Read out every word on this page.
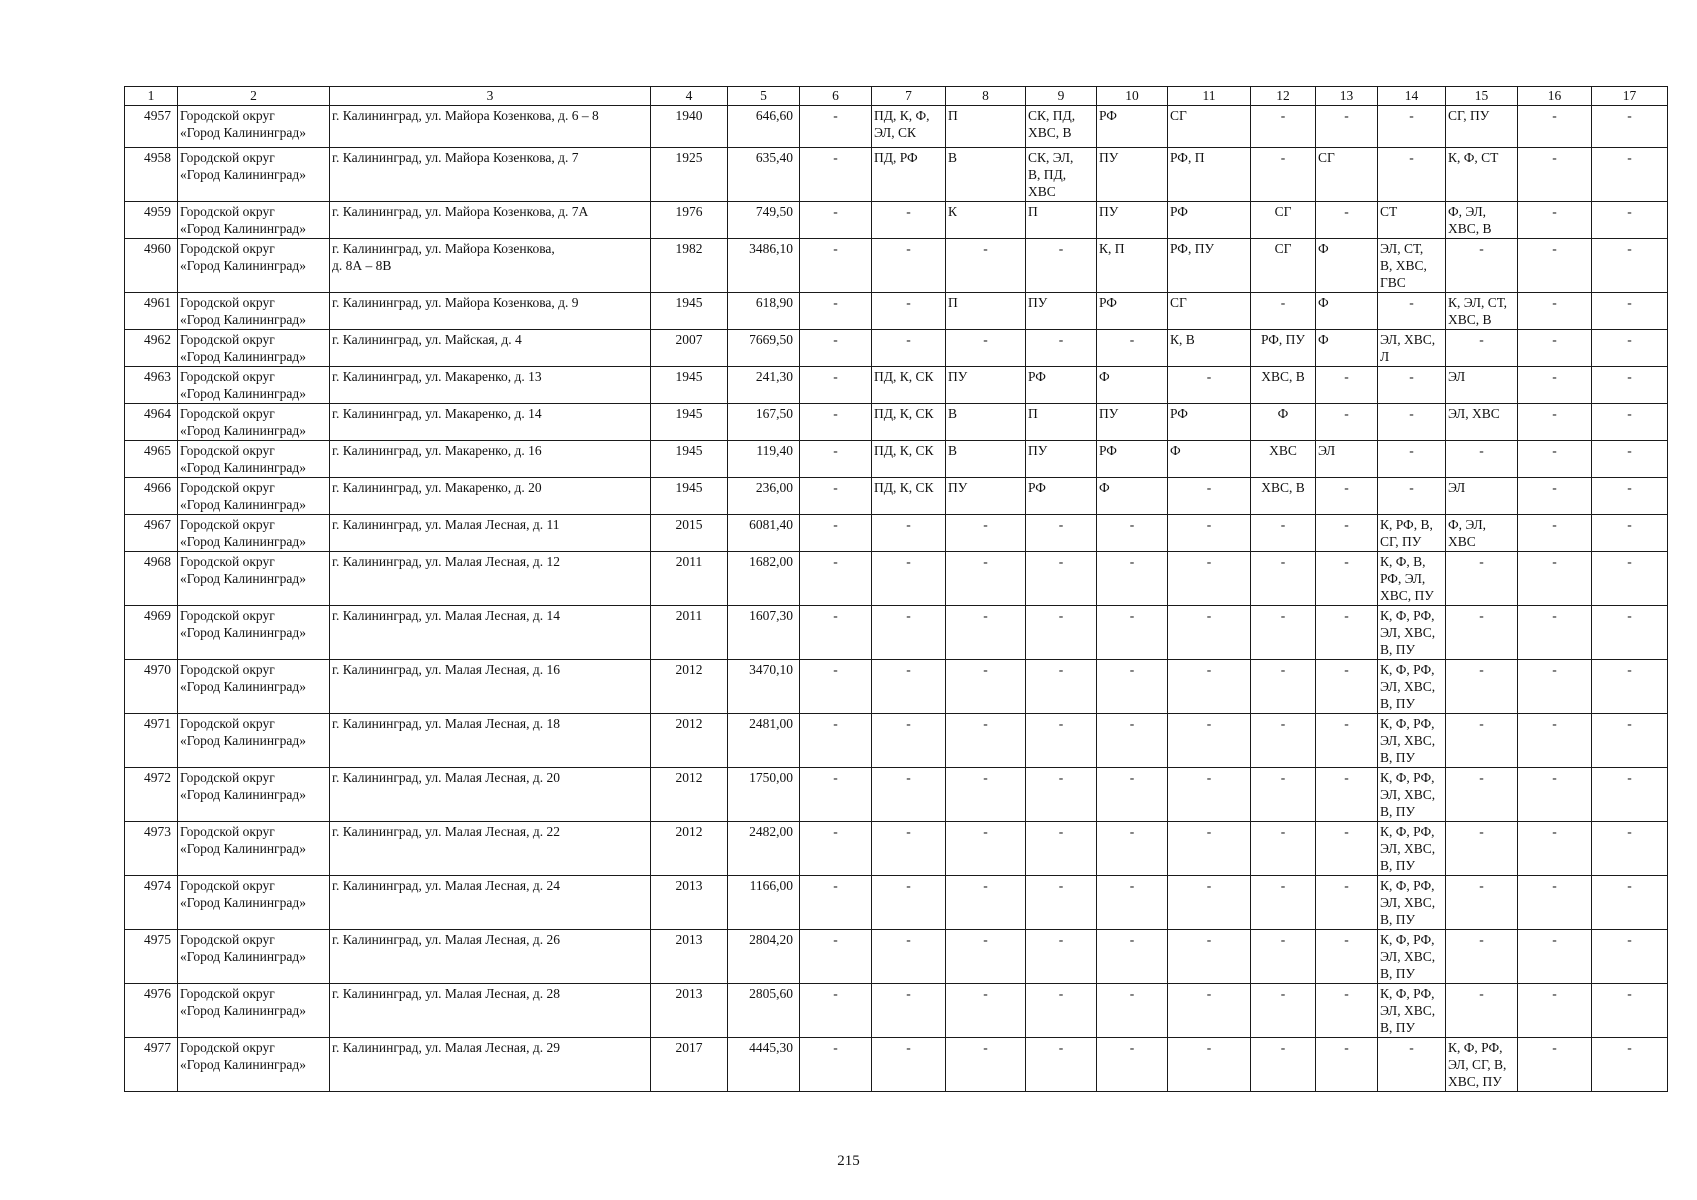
1	2	3	4	5	6	7	8	9	10	11	12	13	14	15	16	17
4957	Городской округ
«Город Калининград»	г. Калининград, ул. Майора Козенкова, д. 6 – 8	1940	646,60	-	ПД, К, Ф,
ЭЛ, СК	П	СК, ПД,
ХВС, В	РФ	СГ	-	-	-	СГ, ПУ	-	-
4958	Городской округ
«Город Калининград»	г. Калининград, ул. Майора Козенкова, д. 7	1925	635,40	-	ПД, РФ	В	СК, ЭЛ,
В, ПД,
ХВС	ПУ	РФ, П	-	СГ	-	К, Ф, СТ	-	-
4959	Городской округ
«Город Калининград»	г. Калининград, ул. Майора Козенкова, д. 7А	1976	749,50	-	-	К	П	ПУ	РФ	СГ	-	СТ	Ф, ЭЛ,
ХВС, В	-	-
4960	Городской округ
«Город Калининград»	г. Калининград, ул. Майора Козенкова,
д. 8А – 8В	1982	3486,10	-	-	-	-	К, П	РФ, ПУ	СГ	Ф	ЭЛ, СТ,
В, ХВС,
ГВС	-	-	-
4961	Городской округ
«Город Калининград»	г. Калининград, ул. Майора Козенкова, д. 9	1945	618,90	-	-	П	ПУ	РФ	СГ	-	Ф	-	К, ЭЛ, СТ,
ХВС, В	-	-
4962	Городской округ
«Город Калининград»	г. Калининград, ул. Майская, д. 4	2007	7669,50	-	-	-	-	-	К, В	РФ, ПУ	Ф	ЭЛ, ХВС,
Л	-	-	-
4963	Городской округ
«Город Калининград»	г. Калининград, ул. Макаренко, д. 13	1945	241,30	-	ПД, К, СК	ПУ	РФ	Ф	-	ХВС, В	-	-	ЭЛ	-	-
4964	Городской округ
«Город Калининград»	г. Калининград, ул. Макаренко, д. 14	1945	167,50	-	ПД, К, СК	В	П	ПУ	РФ	Ф	-	-	ЭЛ, ХВС	-	-
4965	Городской округ
«Город Калининград»	г. Калининград, ул. Макаренко, д. 16	1945	119,40	-	ПД, К, СК	В	ПУ	РФ	Ф	ХВС	ЭЛ	-	-	-	-
4966	Городской округ
«Город Калининград»	г. Калининград, ул. Макаренко, д. 20	1945	236,00	-	ПД, К, СК	ПУ	РФ	Ф	-	ХВС, В	-	-	ЭЛ	-	-
4967	Городской округ
«Город Калининград»	г. Калининград, ул. Малая Лесная, д. 11	2015	6081,40	-	-	-	-	-	-	-	-	К, РФ, В,
СГ, ПУ	Ф, ЭЛ,
ХВС	-	-
4968	Городской округ
«Город Калининград»	г. Калининград, ул. Малая Лесная, д. 12	2011	1682,00	-	-	-	-	-	-	-	-	К, Ф, В,
РФ, ЭЛ,
ХВС, ПУ	-	-	-
4969	Городской округ
«Город Калининград»	г. Калининград, ул. Малая Лесная, д. 14	2011	1607,30	-	-	-	-	-	-	-	-	К, Ф, РФ,
ЭЛ, ХВС,
В, ПУ	-	-	-
4970	Городской округ
«Город Калининград»	г. Калининград, ул. Малая Лесная, д. 16	2012	3470,10	-	-	-	-	-	-	-	-	К, Ф, РФ,
ЭЛ, ХВС,
В, ПУ	-	-	-
4971	Городской округ
«Город Калининград»	г. Калининград, ул. Малая Лесная, д. 18	2012	2481,00	-	-	-	-	-	-	-	-	К, Ф, РФ,
ЭЛ, ХВС,
В, ПУ	-	-	-
4972	Городской округ
«Город Калининград»	г. Калининград, ул. Малая Лесная, д. 20	2012	1750,00	-	-	-	-	-	-	-	-	К, Ф, РФ,
ЭЛ, ХВС,
В, ПУ	-	-	-
4973	Городской округ
«Город Калининград»	г. Калининград, ул. Малая Лесная, д. 22	2012	2482,00	-	-	-	-	-	-	-	-	К, Ф, РФ,
ЭЛ, ХВС,
В, ПУ	-	-	-
4974	Городской округ
«Город Калининград»	г. Калининград, ул. Малая Лесная, д. 24	2013	1166,00	-	-	-	-	-	-	-	-	К, Ф, РФ,
ЭЛ, ХВС,
В, ПУ	-	-	-
4975	Городской округ
«Город Калининград»	г. Калининград, ул. Малая Лесная, д. 26	2013	2804,20	-	-	-	-	-	-	-	-	К, Ф, РФ,
ЭЛ, ХВС,
В, ПУ	-	-	-
4976	Городской округ
«Город Калининград»	г. Калининград, ул. Малая Лесная, д. 28	2013	2805,60	-	-	-	-	-	-	-	-	К, Ф, РФ,
ЭЛ, ХВС,
В, ПУ	-	-	-
4977	Городской округ
«Город Калининград»	г. Калининград, ул. Малая Лесная, д. 29	2017	4445,30	-	-	-	-	-	-	-	-	-	К, Ф, РФ,
ЭЛ, СГ, В,
ХВС, ПУ	-	-
215
